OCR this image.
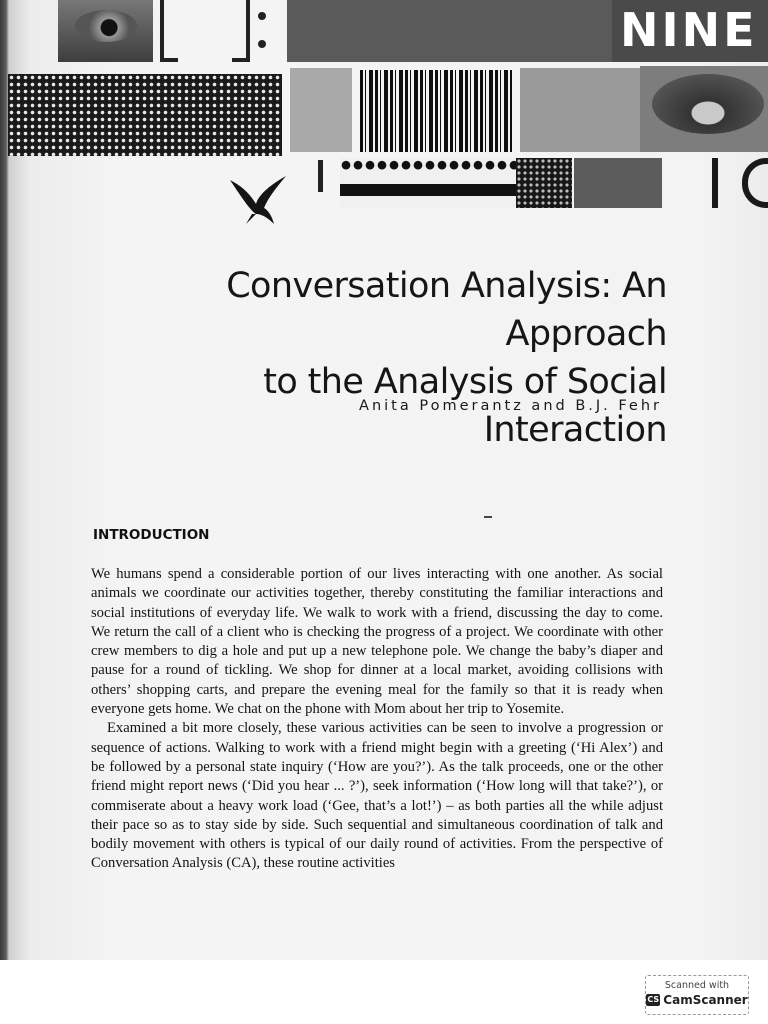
NINE
Conversation Analysis: An Approach
to the Analysis of Social Interaction
Anita Pomerantz and B.J. Fehr
INTRODUCTION

We humans spend a considerable portion of our lives interacting with one another. As social animals we coordinate our activities together, thereby constituting the familiar interactions and social institutions of everyday life. We walk to work with a friend, discussing the day to come. We return the call of a client who is checking the progress of a project. We coordinate with other crew members to dig a hole and put up a new telephone pole. We change the baby’s diaper and pause for a round of tickling. We shop for dinner at a local market, avoiding collisions with others’ shopping carts, and prepare the evening meal for the family so that it is ready when everyone gets home. We chat on the phone with Mom about her trip to Yosemite.

Examined a bit more closely, these various activities can be seen to involve a progression or sequence of actions. Walking to work with a friend might begin with a greeting (‘Hi Alex’) and be followed by a personal state inquiry (‘How are you?’). As the talk proceeds, one or the other friend might report news (‘Did you hear ... ?’), seek information (‘How long will that take?’), or commiserate about a heavy work load (‘Gee, that’s a lot!’) – as both parties all the while adjust their pace so as to stay side by side. Such sequential and simultaneous coordination of talk and bodily movement with others is typical of our daily round of activities. From the perspective of Conversation Analysis (CA), these routine activities

Scanned with
CS CamScanner
